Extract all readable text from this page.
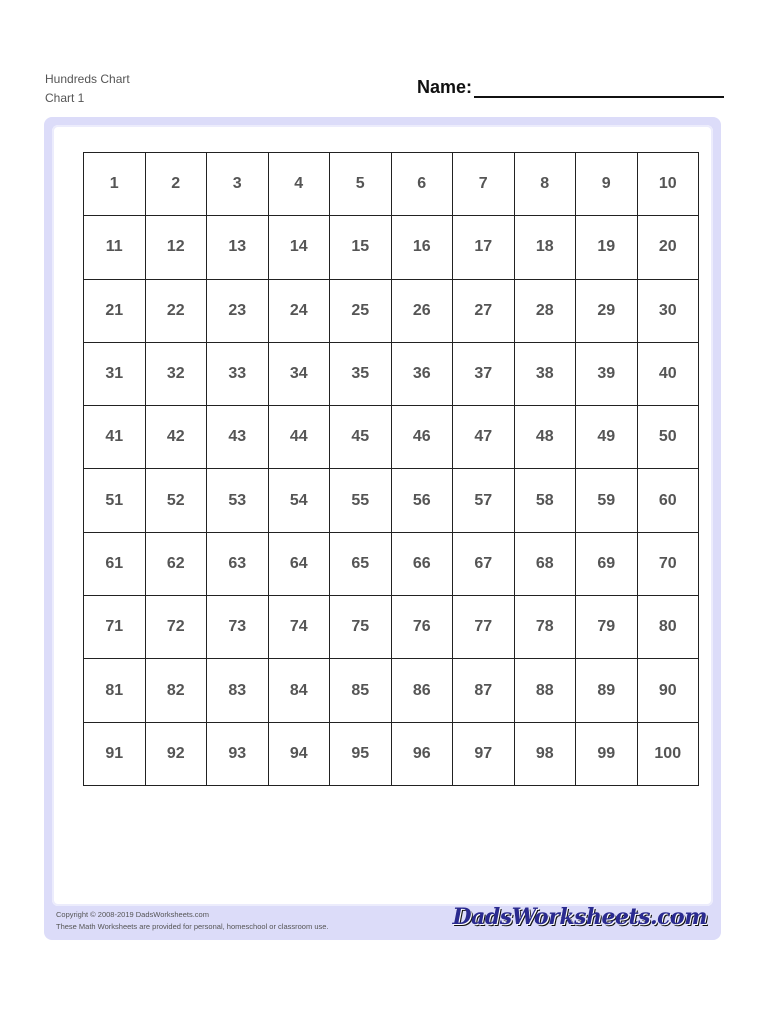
Hundreds Chart
Chart 1
Name:
1	2	3	4	5	6	7	8	9	10
11	12	13	14	15	16	17	18	19	20
21	22	23	24	25	26	27	28	29	30
31	32	33	34	35	36	37	38	39	40
41	42	43	44	45	46	47	48	49	50
51	52	53	54	55	56	57	58	59	60
61	62	63	64	65	66	67	68	69	70
71	72	73	74	75	76	77	78	79	80
81	82	83	84	85	86	87	88	89	90
91	92	93	94	95	96	97	98	99	100
Copyright © 2008-2019 DadsWorksheets.com
These Math Worksheets are provided for personal, homeschool or classroom use.	DadsWorksheets.com
